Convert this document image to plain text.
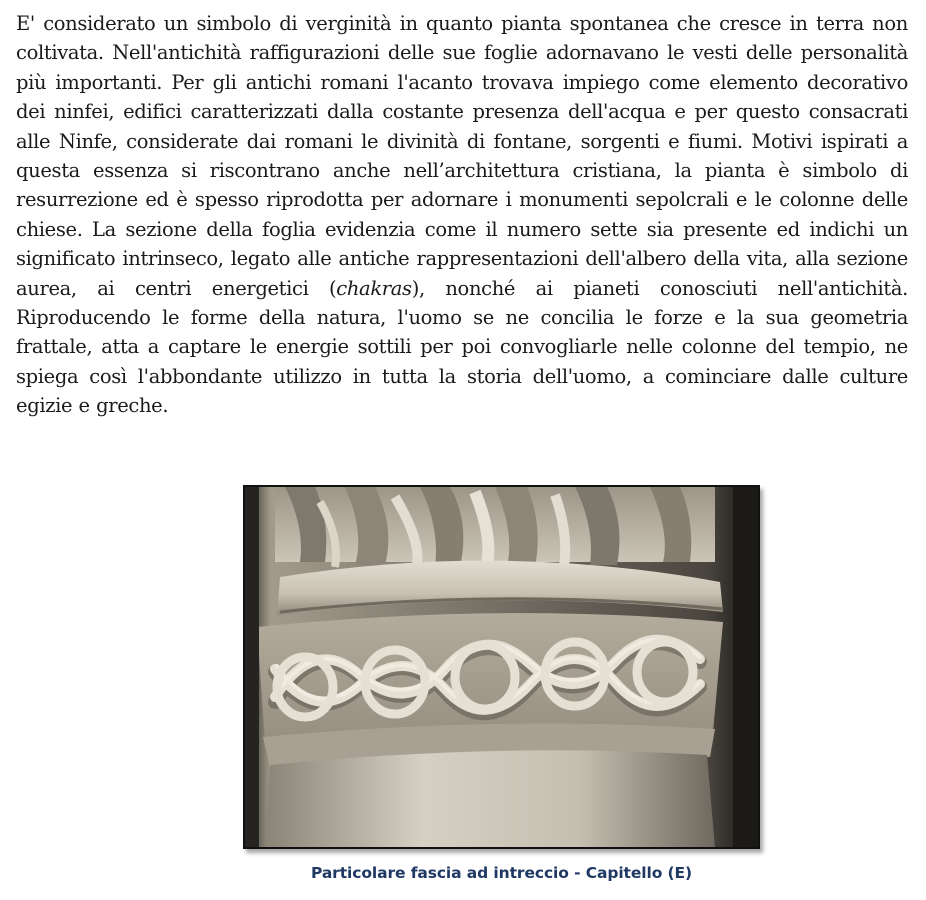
E' considerato un simbolo di verginità in quanto pianta spontanea che cresce in terra non coltivata. Nell'antichità raffigurazioni delle sue foglie adornavano le vesti delle personalità più importanti. Per gli antichi romani l'acanto trovava impiego come elemento decorativo dei ninfei, edifici caratterizzati dalla costante presenza dell'acqua e per questo consacrati alle Ninfe, considerate dai romani le divinità di fontane, sorgenti e fiumi. Motivi ispirati a questa essenza si riscontrano anche nell’architettura cristiana, la pianta è simbolo di resurrezione ed è spesso riprodotta per adornare i monumenti sepolcrali e le colonne delle chiese. La sezione della foglia evidenzia come il numero sette sia presente ed indichi un significato intrinseco, legato alle antiche rappresentazioni dell'albero della vita, alla sezione aurea, ai centri energetici (chakras), nonché ai pianeti conosciuti nell'antichità. Riproducendo le forme della natura, l'uomo se ne concilia le forze e la sua geometria frattale, atta a captare le energie sottili per poi convogliarle nelle colonne del tempio, ne spiega così l'abbondante utilizzo in tutta la storia dell'uomo, a cominciare dalle culture egizie e greche.

Particolare fascia ad intreccio - Capitello (E)
